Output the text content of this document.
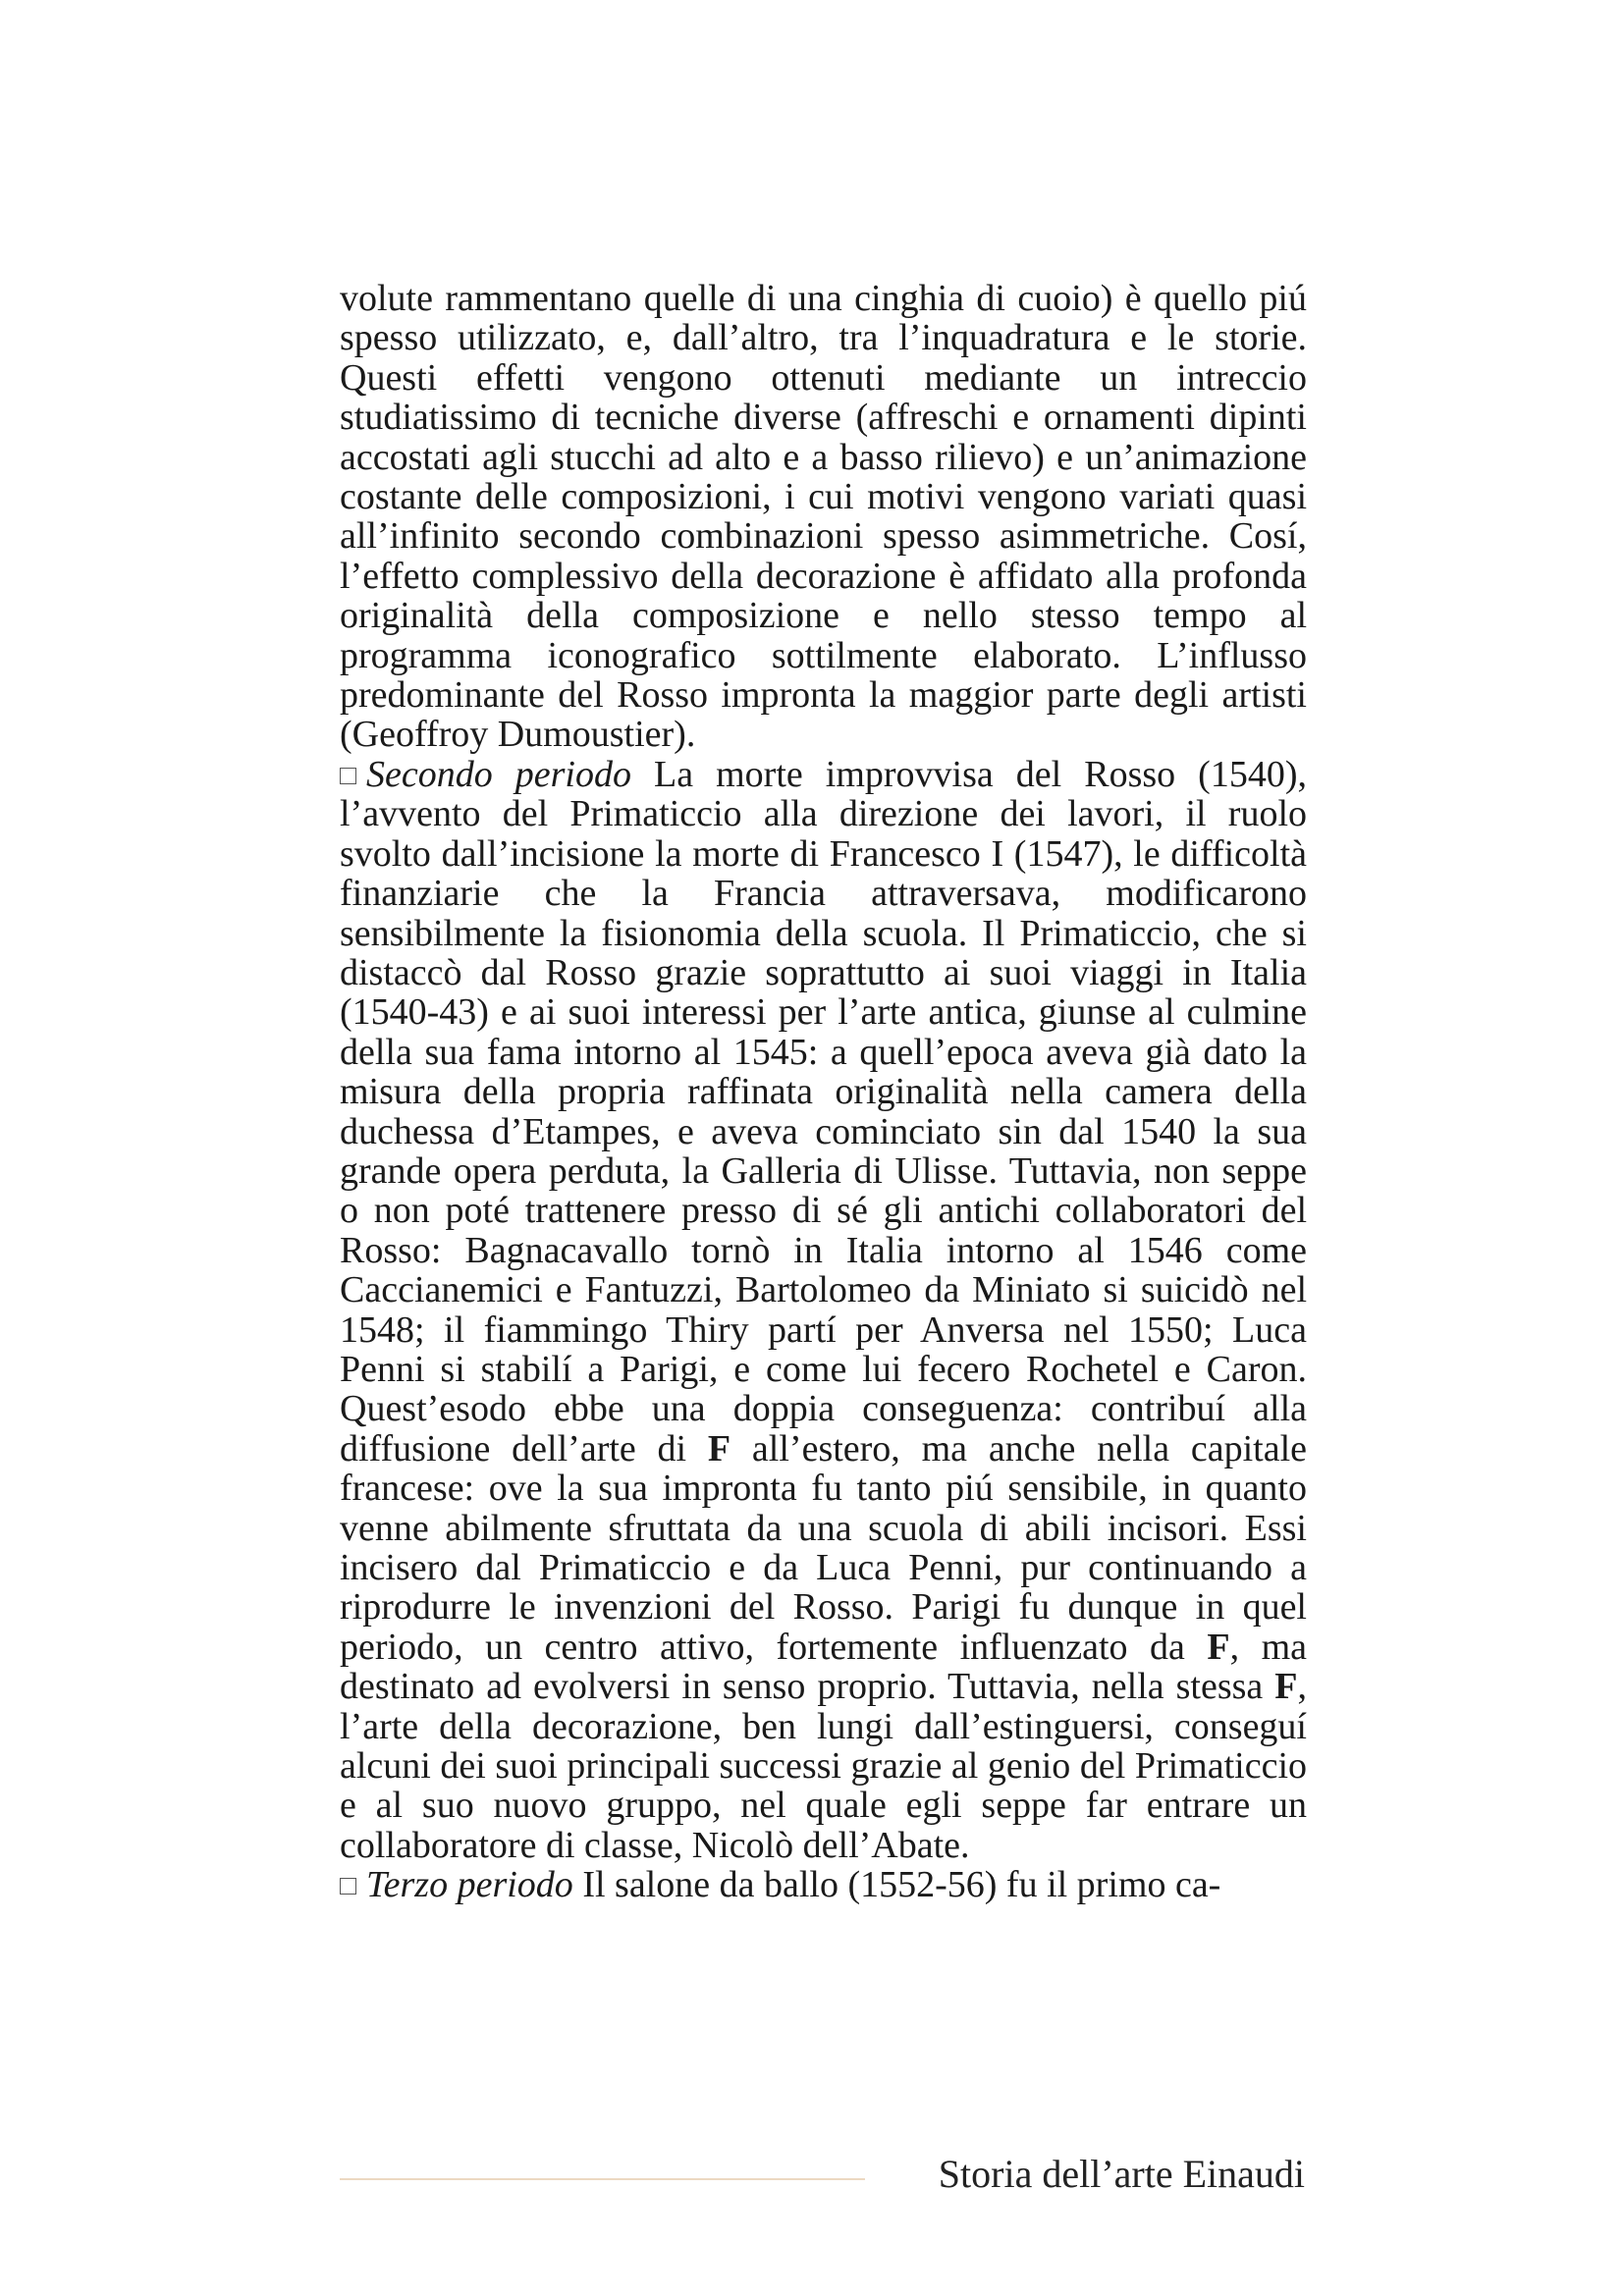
volute rammentano quelle di una cinghia di cuoio) è quello piú spesso utilizzato, e, dall’altro, tra l’inquadratura e le storie. Questi effetti vengono ottenuti mediante un intreccio studiatissimo di tecniche diverse (affreschi e ornamenti dipinti accostati agli stucchi ad alto e a basso rilievo) e un’animazione costante delle composizioni, i cui motivi vengono variati quasi all’infinito secondo combinazioni spesso asimmetriche. Cosí, l’effetto complessivo della decorazione è affidato alla profonda originalità della composizione e nello stesso tempo al programma iconografico sottilmente elaborato. L’influsso predominante del Rosso impronta la maggior parte degli artisti (Geoffroy Dumoustier).

Secondo periodo La morte improvvisa del Rosso (1540), l’avvento del Primaticcio alla direzione dei lavori, il ruolo svolto dall’incisione la morte di Francesco I (1547), le difficoltà finanziarie che la Francia attraversava, modificarono sensibilmente la fisionomia della scuola. Il Primaticcio, che si distaccò dal Rosso grazie soprattutto ai suoi viaggi in Italia (1540-43) e ai suoi interessi per l’arte antica, giunse al culmine della sua fama intorno al 1545: a quell’epoca aveva già dato la misura della propria raffinata originalità nella camera della duchessa d’Etampes, e aveva cominciato sin dal 1540 la sua grande opera perduta, la Galleria di Ulisse. Tuttavia, non seppe o non poté trattenere presso di sé gli antichi collaboratori del Rosso: Bagnacavallo tornò in Italia intorno al 1546 come Caccianemici e Fantuzzi, Bartolomeo da Miniato si suicidò nel 1548; il fiammingo Thiry partí per Anversa nel 1550; Luca Penni si stabilí a Parigi, e come lui fecero Rochetel e Caron. Quest’esodo ebbe una doppia conseguenza: contribuí alla diffusione dell’arte di F all’estero, ma anche nella capitale francese: ove la sua impronta fu tanto piú sensibile, in quanto venne abilmente sfruttata da una scuola di abili incisori. Essi incisero dal Primaticcio e da Luca Penni, pur continuando a riprodurre le invenzioni del Rosso. Parigi fu dunque in quel periodo, un centro attivo, fortemente influenzato da F, ma destinato ad evolversi in senso proprio. Tuttavia, nella stessa F, l’arte della decorazione, ben lungi dall’estinguersi, conseguí alcuni dei suoi principali successi grazie al genio del Primaticcio e al suo nuovo gruppo, nel quale egli seppe far entrare un collaboratore di classe, Nicolò dell’Abate.

Terzo periodo Il salone da ballo (1552-56) fu il primo ca-

Storia dell’arte Einaudi
